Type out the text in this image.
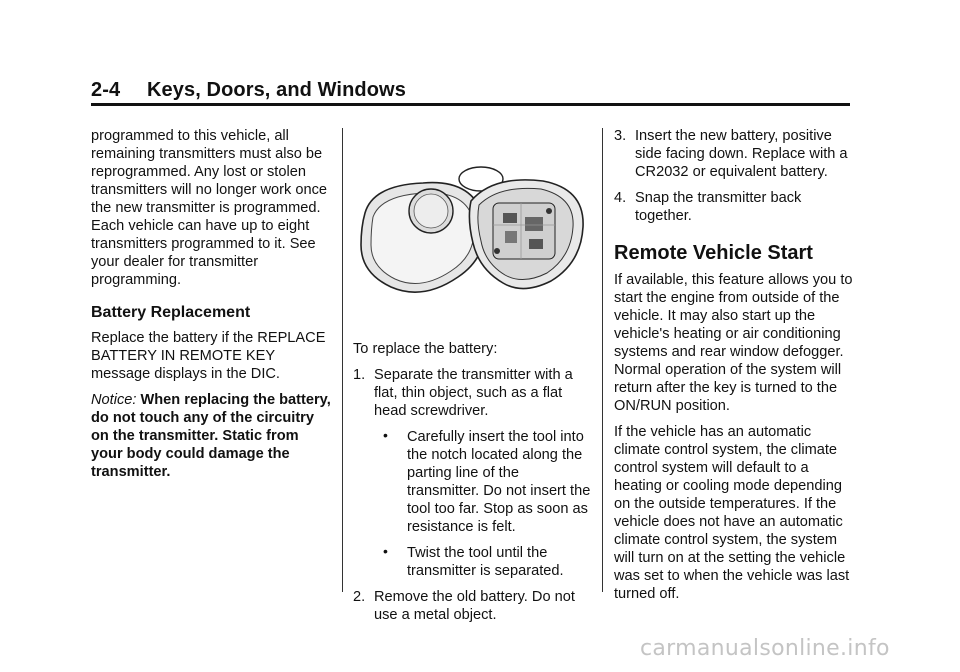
2-4 Keys, Doors, and Windows

programmed to this vehicle, all remaining transmitters must also be reprogrammed. Any lost or stolen transmitters will no longer work once the new transmitter is programmed. Each vehicle can have up to eight transmitters programmed to it. See your dealer for transmitter programming.

Battery Replacement

Replace the battery if the REPLACE BATTERY IN REMOTE KEY message displays in the DIC.

Notice: When replacing the battery, do not touch any of the circuitry on the transmitter. Static from your body could damage the transmitter.

To replace the battery:

1. Separate the transmitter with a flat, thin object, such as a flat head screwdriver.
• Carefully insert the tool into the notch located along the parting line of the transmitter. Do not insert the tool too far. Stop as soon as resistance is felt.
• Twist the tool until the transmitter is separated.
2. Remove the old battery. Do not use a metal object.
3. Insert the new battery, positive side facing down. Replace with a CR2032 or equivalent battery.
4. Snap the transmitter back together.
Remote Vehicle Start

If available, this feature allows you to start the engine from outside of the vehicle. It may also start up the vehicle's heating or air conditioning systems and rear window defogger. Normal operation of the system will return after the key is turned to the ON/RUN position.

If the vehicle has an automatic climate control system, the climate control system will default to a heating or cooling mode depending on the outside temperatures. If the vehicle does not have an automatic climate control system, the system will turn on at the setting the vehicle was set to when the vehicle was last turned off.

carmanualsonline.info
